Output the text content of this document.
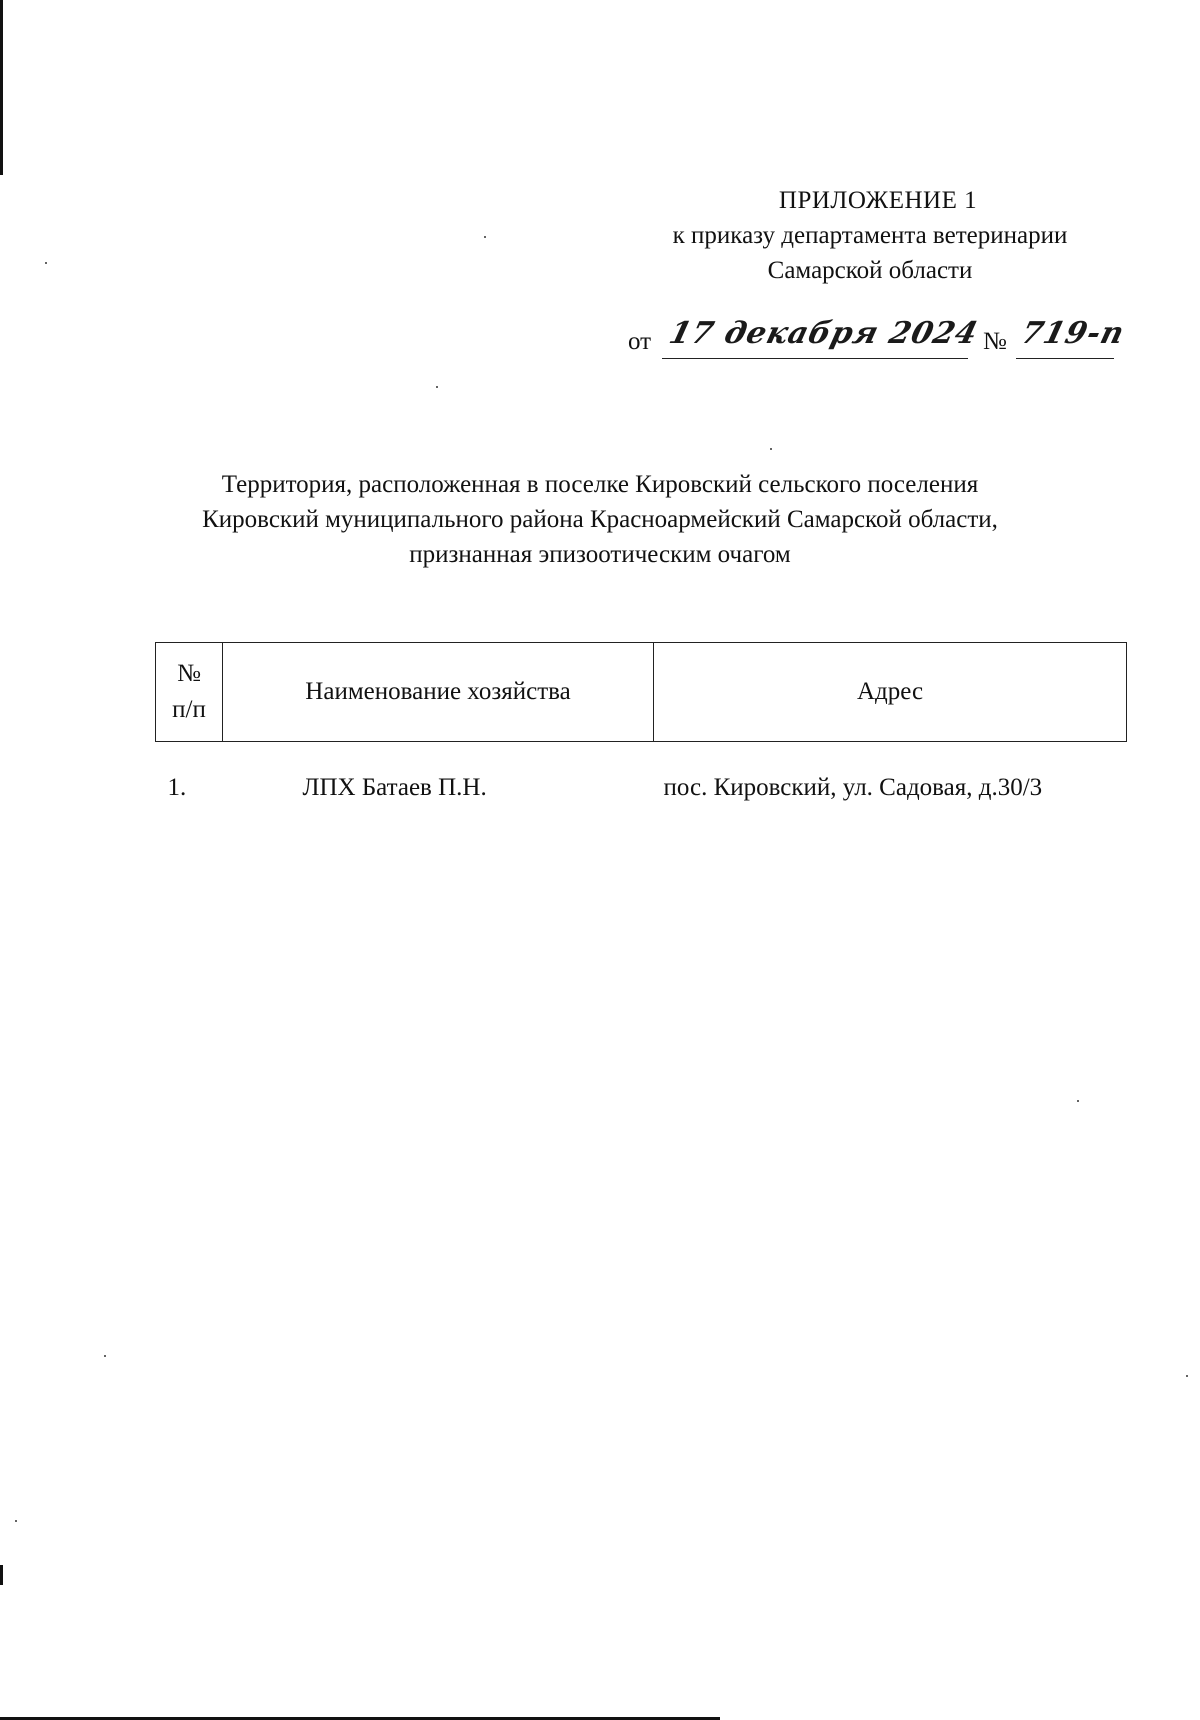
ПРИЛОЖЕНИЕ 1
к приказу департамента ветеринарии
Самарской области
от 17 декабря 2024 № 719-п
Территория, расположенная в поселке Кировский сельского поселения
Кировский муниципального района Красноармейский Самарской области,
признанная эпизоотическим очагом
№
п/п	Наименование хозяйства	Адрес
1.	ЛПХ Батаев П.Н.	пос. Кировский, ул. Садовая, д.30/3
